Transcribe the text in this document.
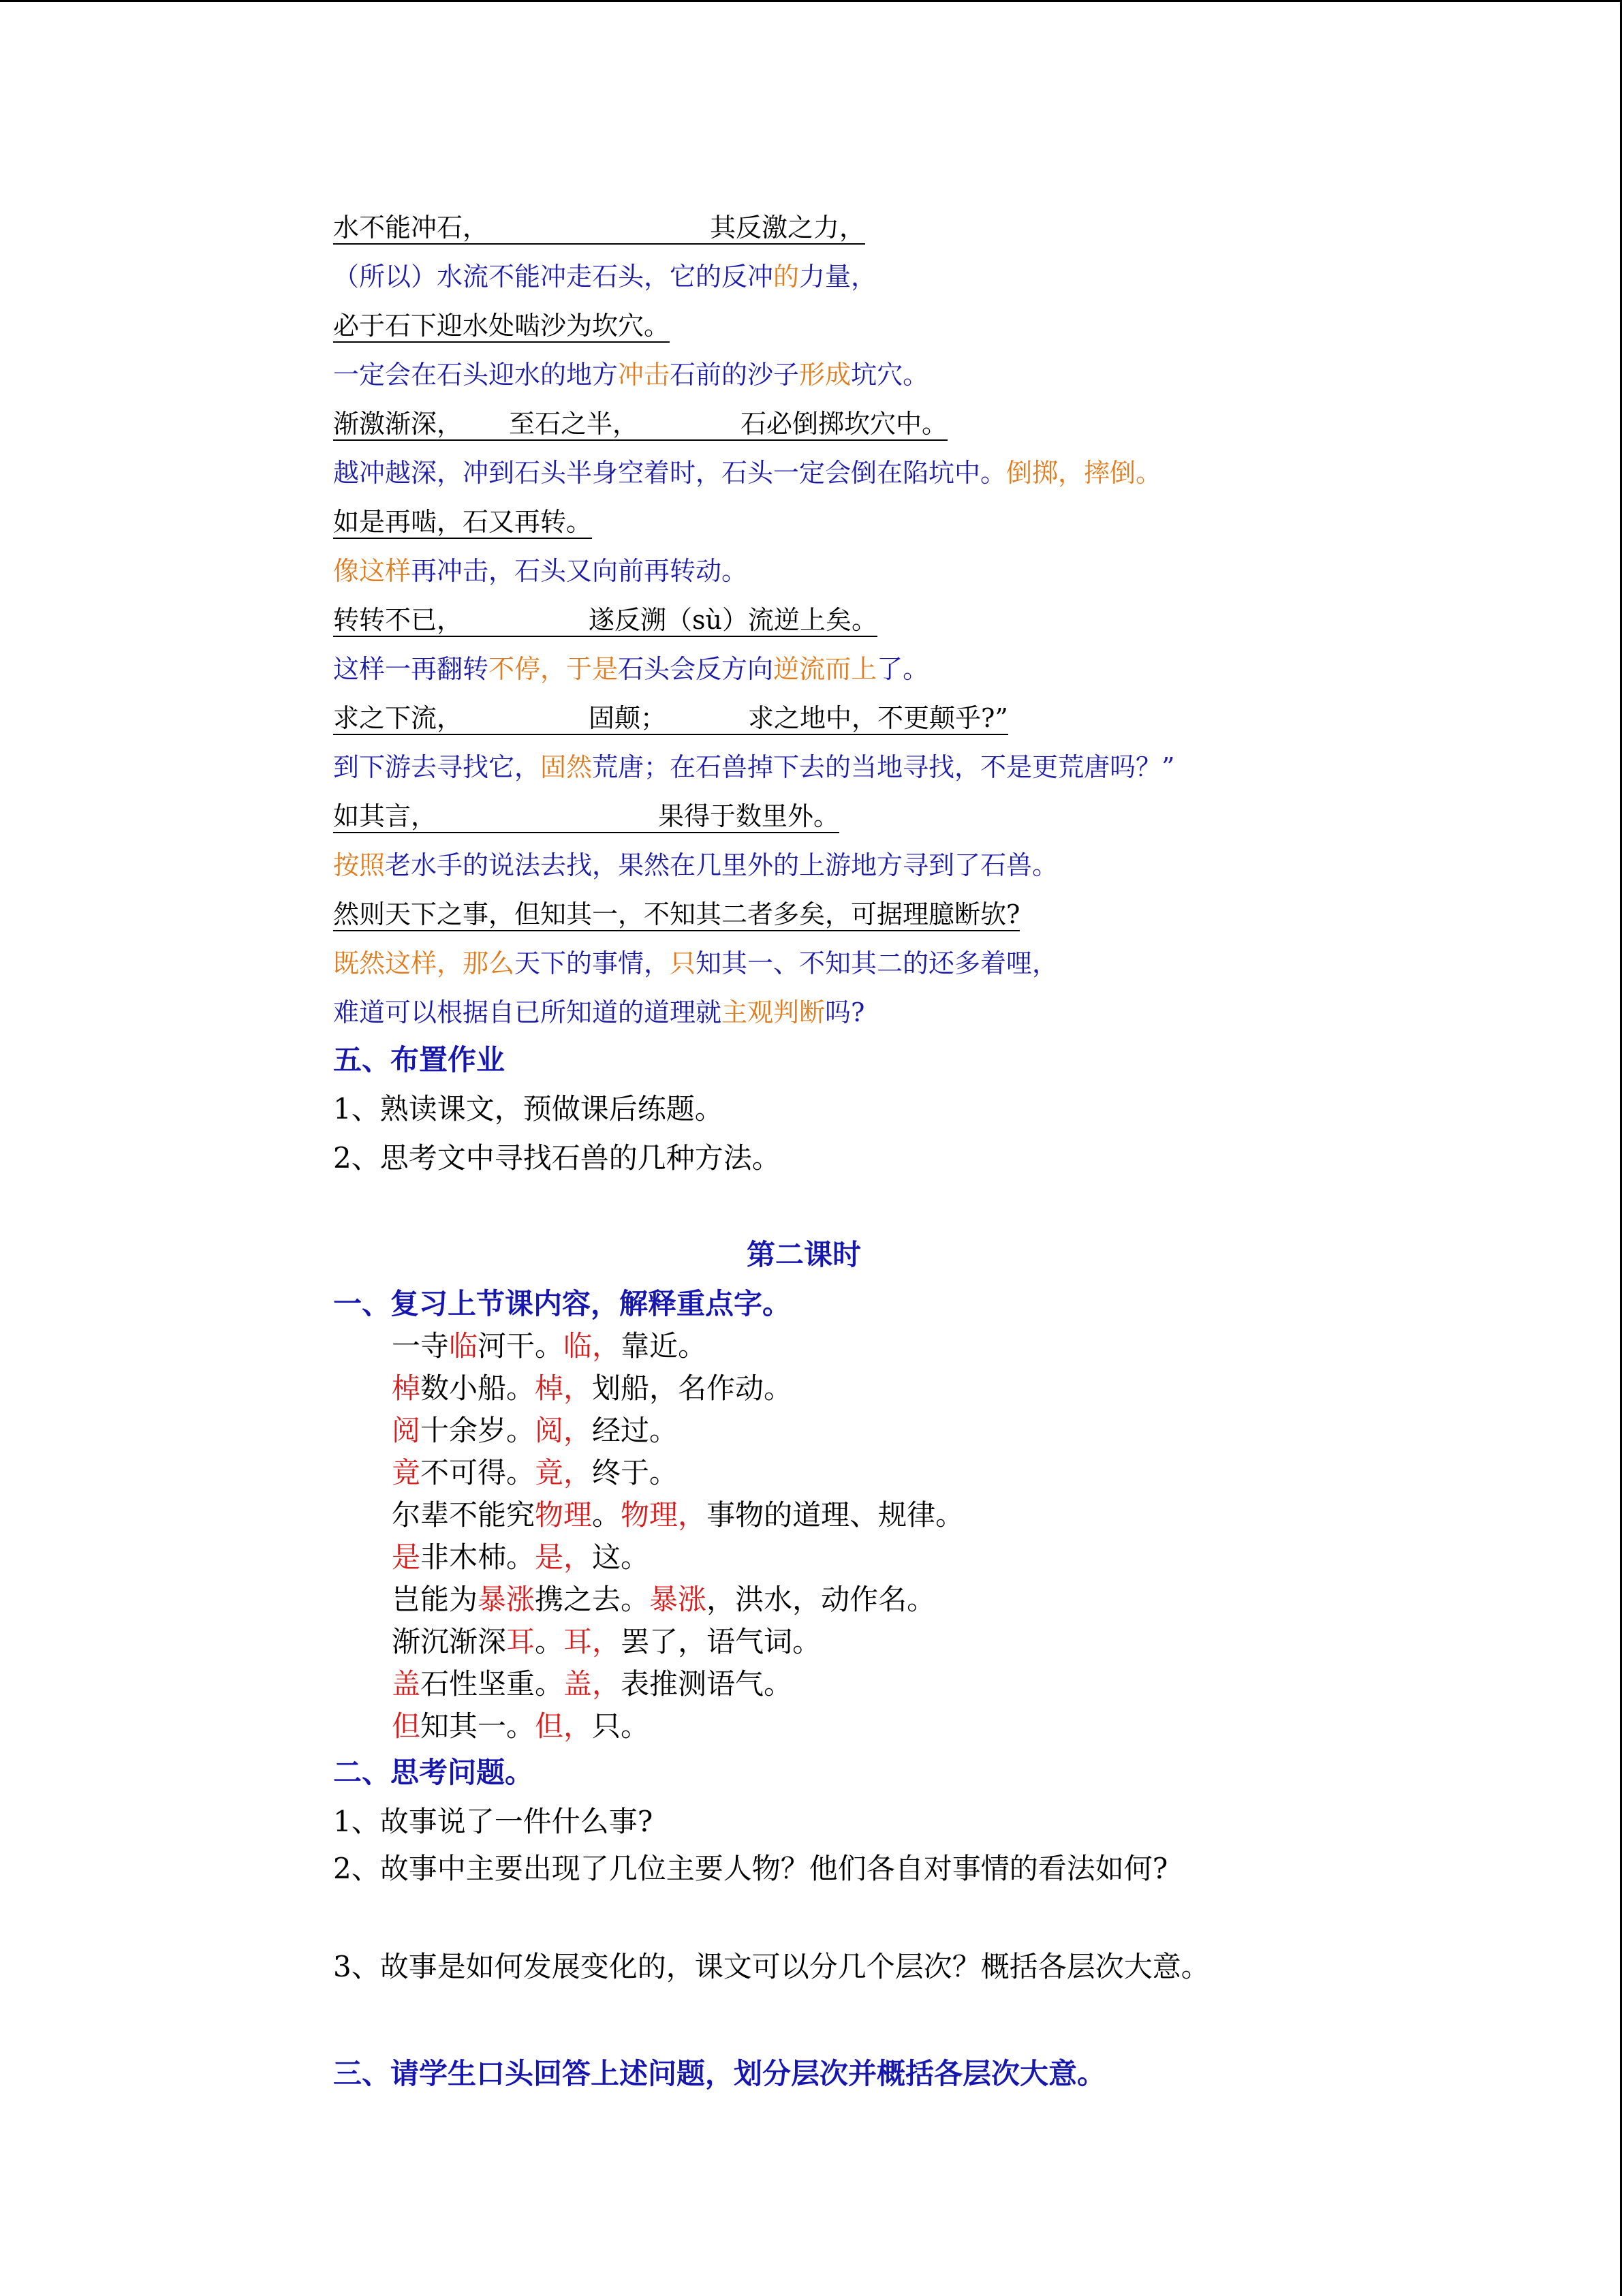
水不能冲石，	其反激之力，
（所以）水流不能冲走石头，它的反冲的力量，
必于石下迎水处啮沙为坎穴。
一定会在石头迎水的地方冲击石前的沙子形成坑穴。
渐激渐深， 至石之半，	石必倒掷坎穴中。
越冲越深，冲到石头半身空着时，石头一定会倒在陷坑中。倒掷，摔倒。
如是再啮，石又再转。
像这样再冲击，石头又向前再转动。
转转不已，	遂反溯（sù）流逆上矣。
这样一再翻转不停，于是石头会反方向逆流而上了。
求之下流，	固颠；	求之地中，不更颠乎?”
到下游去寻找它，固然荒唐；在石兽掉下去的当地寻找，不是更荒唐吗？”
如其言，	果得于数里外。
按照老水手的说法去找，果然在几里外的上游地方寻到了石兽。
然则天下之事，但知其一，不知其二者多矣，可据理臆断欤?
既然这样，那么天下的事情，只知其一、不知其二的还多着哩，
难道可以根据自已所知道的道理就主观判断吗?
五、布置作业
1、熟读课文，预做课后练题。
2、思考文中寻找石兽的几种方法。
第二课时
一、复习上节课内容，解释重点字。
一寺临河干。临，靠近。
棹数小船。棹，划船，名作动。
阅十余岁。阅，经过。
竟不可得。竟，终于。
尔辈不能究物理。物理，事物的道理、规律。
是非木杮。是，这。
岂能为暴涨携之去。暴涨，洪水，动作名。
渐沉渐深耳。耳，罢了，语气词。
盖石性坚重。盖，表推测语气。
但知其一。但，只。
二、思考问题。
1、故事说了一件什么事?
2、故事中主要出现了几位主要人物？他们各自对事情的看法如何?
3、故事是如何发展变化的，课文可以分几个层次？概括各层次大意。
三、请学生口头回答上述问题，划分层次并概括各层次大意。
